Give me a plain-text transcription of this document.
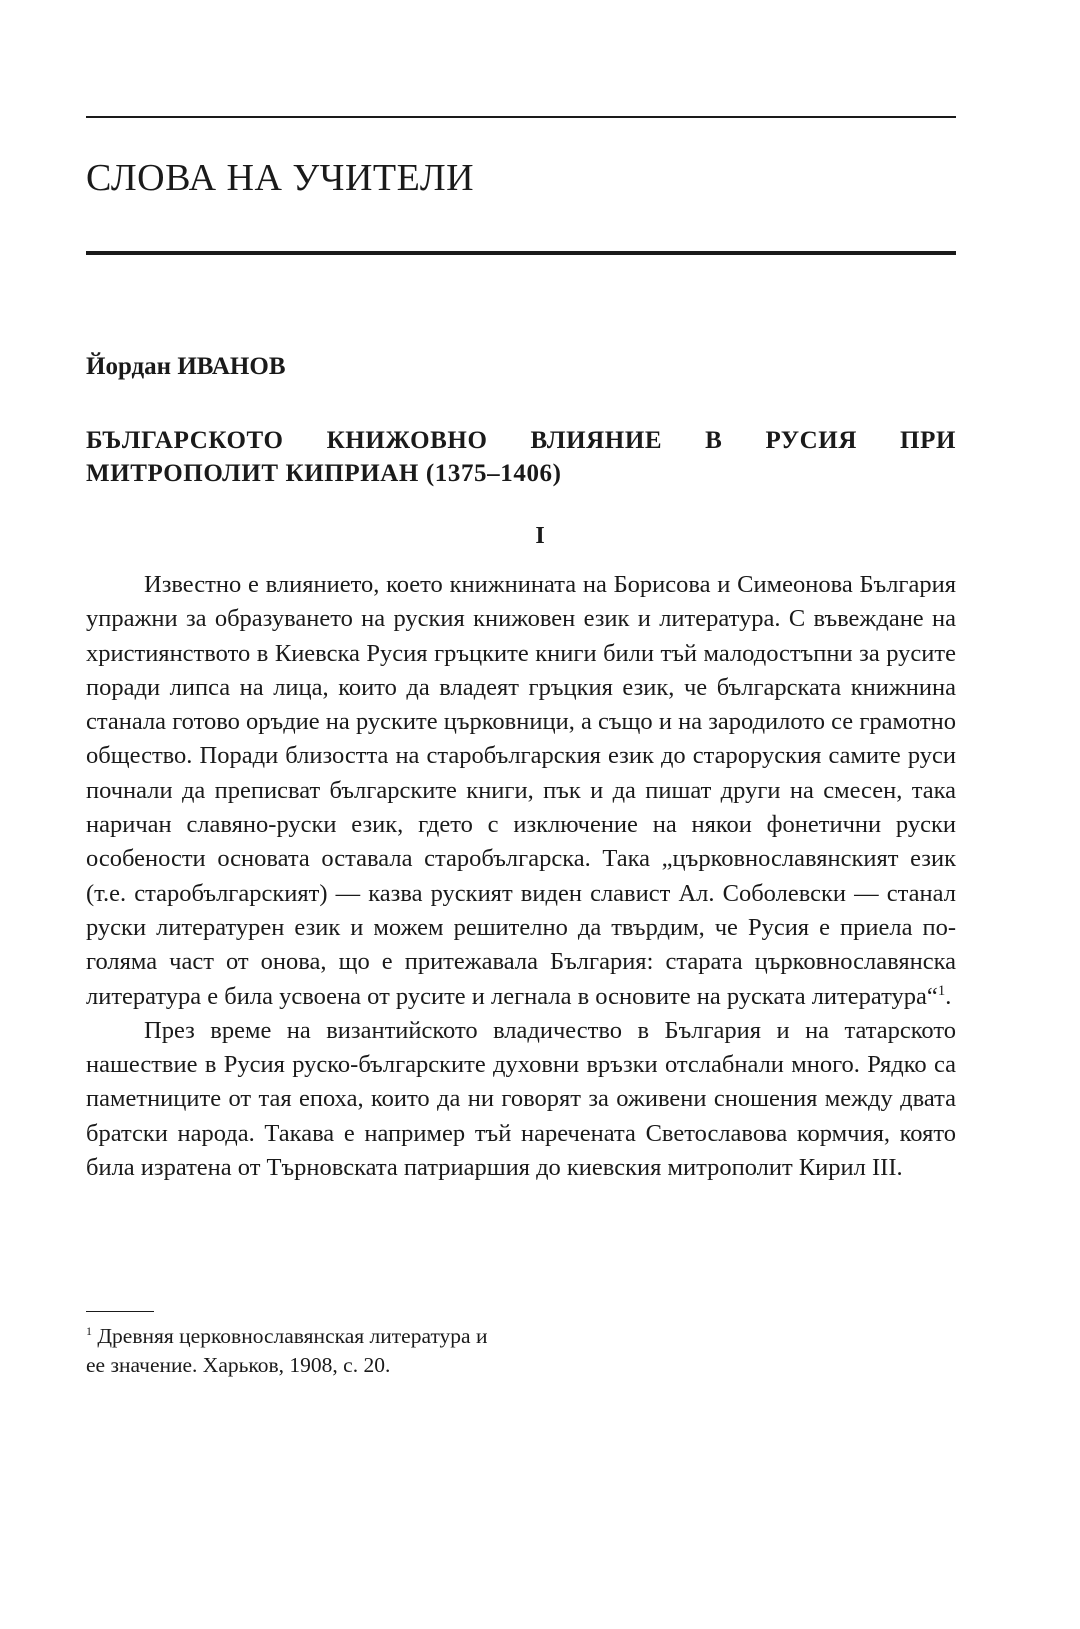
СЛОВА НА УЧИТЕЛИ
Йордан ИВАНОВ
БЪЛГАРСКОТО КНИЖОВНО ВЛИЯНИЕ В РУСИЯ ПРИ МИТРОПОЛИТ КИПРИАН (1375–1406)
I

Известно е влиянието, което книжнината на Борисова и Симеонова България упражни за образуването на руския книжовен език и литература. С въвеждане на християнството в Киевска Русия гръцките книги били тъй малодостъпни за русите поради липса на лица, които да владеят гръцкия език, че българската книжнина станала готово оръдие на руските църковници, а също и на зародилото се грамотно общество. Поради близостта на старобългарския език до староруския самите руси почнали да преписват българските книги, пък и да пишат други на смесен, така наричан славяно-руски език, гдето с изключение на някои фонетични руски особености основата оставала старобългарска. Така „църковнославянският език (т.е. старобългарският) — казва руският виден славист Ал. Соболевски — станал руски литературен език и можем решително да твърдим, че Русия е приела по-голяма част от онова, що е притежавала България: старата църковнославянска литература е била усвоена от русите и легнала в основите на руската литература“$^1$.

През време на византийското владичество в България и на татарското нашествие в Русия руско-българските духовни връзки отслабнали много. Рядко са паметниците от тая епоха, които да ни говорят за оживени сношения между двата братски народа. Такава е например тъй наречената Светославова кормчия, която била изратена от Търновската патриаршия до киевския митрополит Кирил III.

$^1$ Древняя церковнославянская литература и ее значение. Харьков, 1908, с. 20.
